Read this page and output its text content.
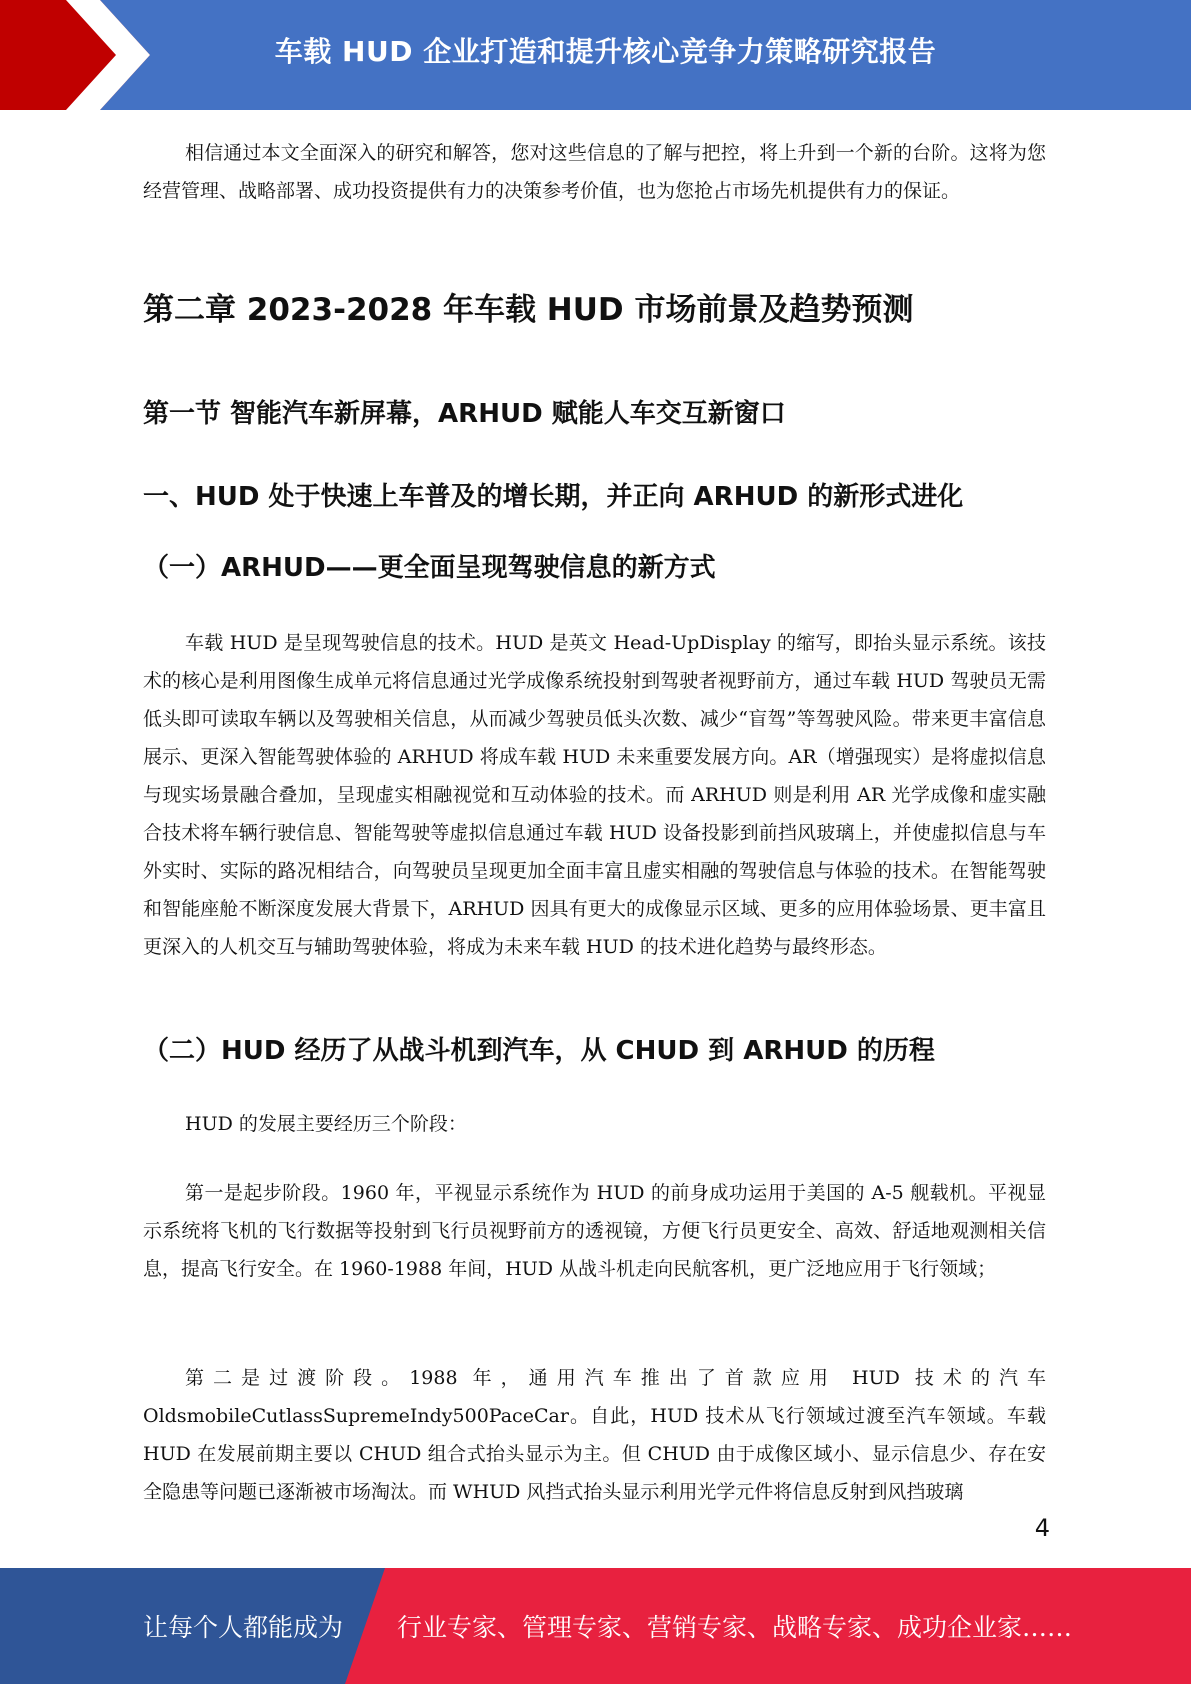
车载 HUD 企业打造和提升核心竞争力策略研究报告

相信通过本文全面深入的研究和解答，您对这些信息的了解与把控，将上升到一个新的台阶。这将为您经营管理、战略部署、成功投资提供有力的决策参考价值，也为您抢占市场先机提供有力的保证。

第二章 2023-2028 年车载 HUD 市场前景及趋势预测
第一节 智能汽车新屏幕，ARHUD 赋能人车交互新窗口
一、HUD 处于快速上车普及的增长期，并正向 ARHUD 的新形式进化
（一）ARHUD——更全面呈现驾驶信息的新方式

车载 HUD 是呈现驾驶信息的技术。HUD 是英文 Head-UpDisplay 的缩写，即抬头显示系统。该技术的核心是利用图像生成单元将信息通过光学成像系统投射到驾驶者视野前方，通过车载 HUD 驾驶员无需低头即可读取车辆以及驾驶相关信息，从而减少驾驶员低头次数、减少“盲驾”等驾驶风险。带来更丰富信息展示、更深入智能驾驶体验的 ARHUD 将成车载 HUD 未来重要发展方向。AR（增强现实）是将虚拟信息与现实场景融合叠加，呈现虚实相融视觉和互动体验的技术。而 ARHUD 则是利用 AR 光学成像和虚实融合技术将车辆行驶信息、智能驾驶等虚拟信息通过车载 HUD 设备投影到前挡风玻璃上，并使虚拟信息与车外实时、实际的路况相结合，向驾驶员呈现更加全面丰富且虚实相融的驾驶信息与体验的技术。在智能驾驶和智能座舱不断深度发展大背景下，ARHUD 因具有更大的成像显示区域、更多的应用体验场景、更丰富且更深入的人机交互与辅助驾驶体验，将成为未来车载 HUD 的技术进化趋势与最终形态。

（二）HUD 经历了从战斗机到汽车，从 CHUD 到 ARHUD 的历程

HUD 的发展主要经历三个阶段：

第一是起步阶段。1960 年，平视显示系统作为 HUD 的前身成功运用于美国的 A-5 舰载机。平视显示系统将飞机的飞行数据等投射到飞行员视野前方的透视镜，方便飞行员更安全、高效、舒适地观测相关信息，提高飞行安全。在 1960-1988 年间，HUD 从战斗机走向民航客机，更广泛地应用于飞行领域；

第二是过渡阶段。1988 年，通用汽车推出了首款应用 HUD 技术的汽车 OldsmobileCutlassSupremeIndy500PaceCar。自此，HUD 技术从飞行领域过渡至汽车领域。车载 HUD 在发展前期主要以 CHUD 组合式抬头显示为主。但 CHUD 由于成像区域小、显示信息少、存在安全隐患等问题已逐渐被市场淘汰。而 WHUD 风挡式抬头显示利用光学元件将信息反射到风挡玻璃

4
让每个人都能成为 行业专家、管理专家、营销专家、战略专家、成功企业家……
